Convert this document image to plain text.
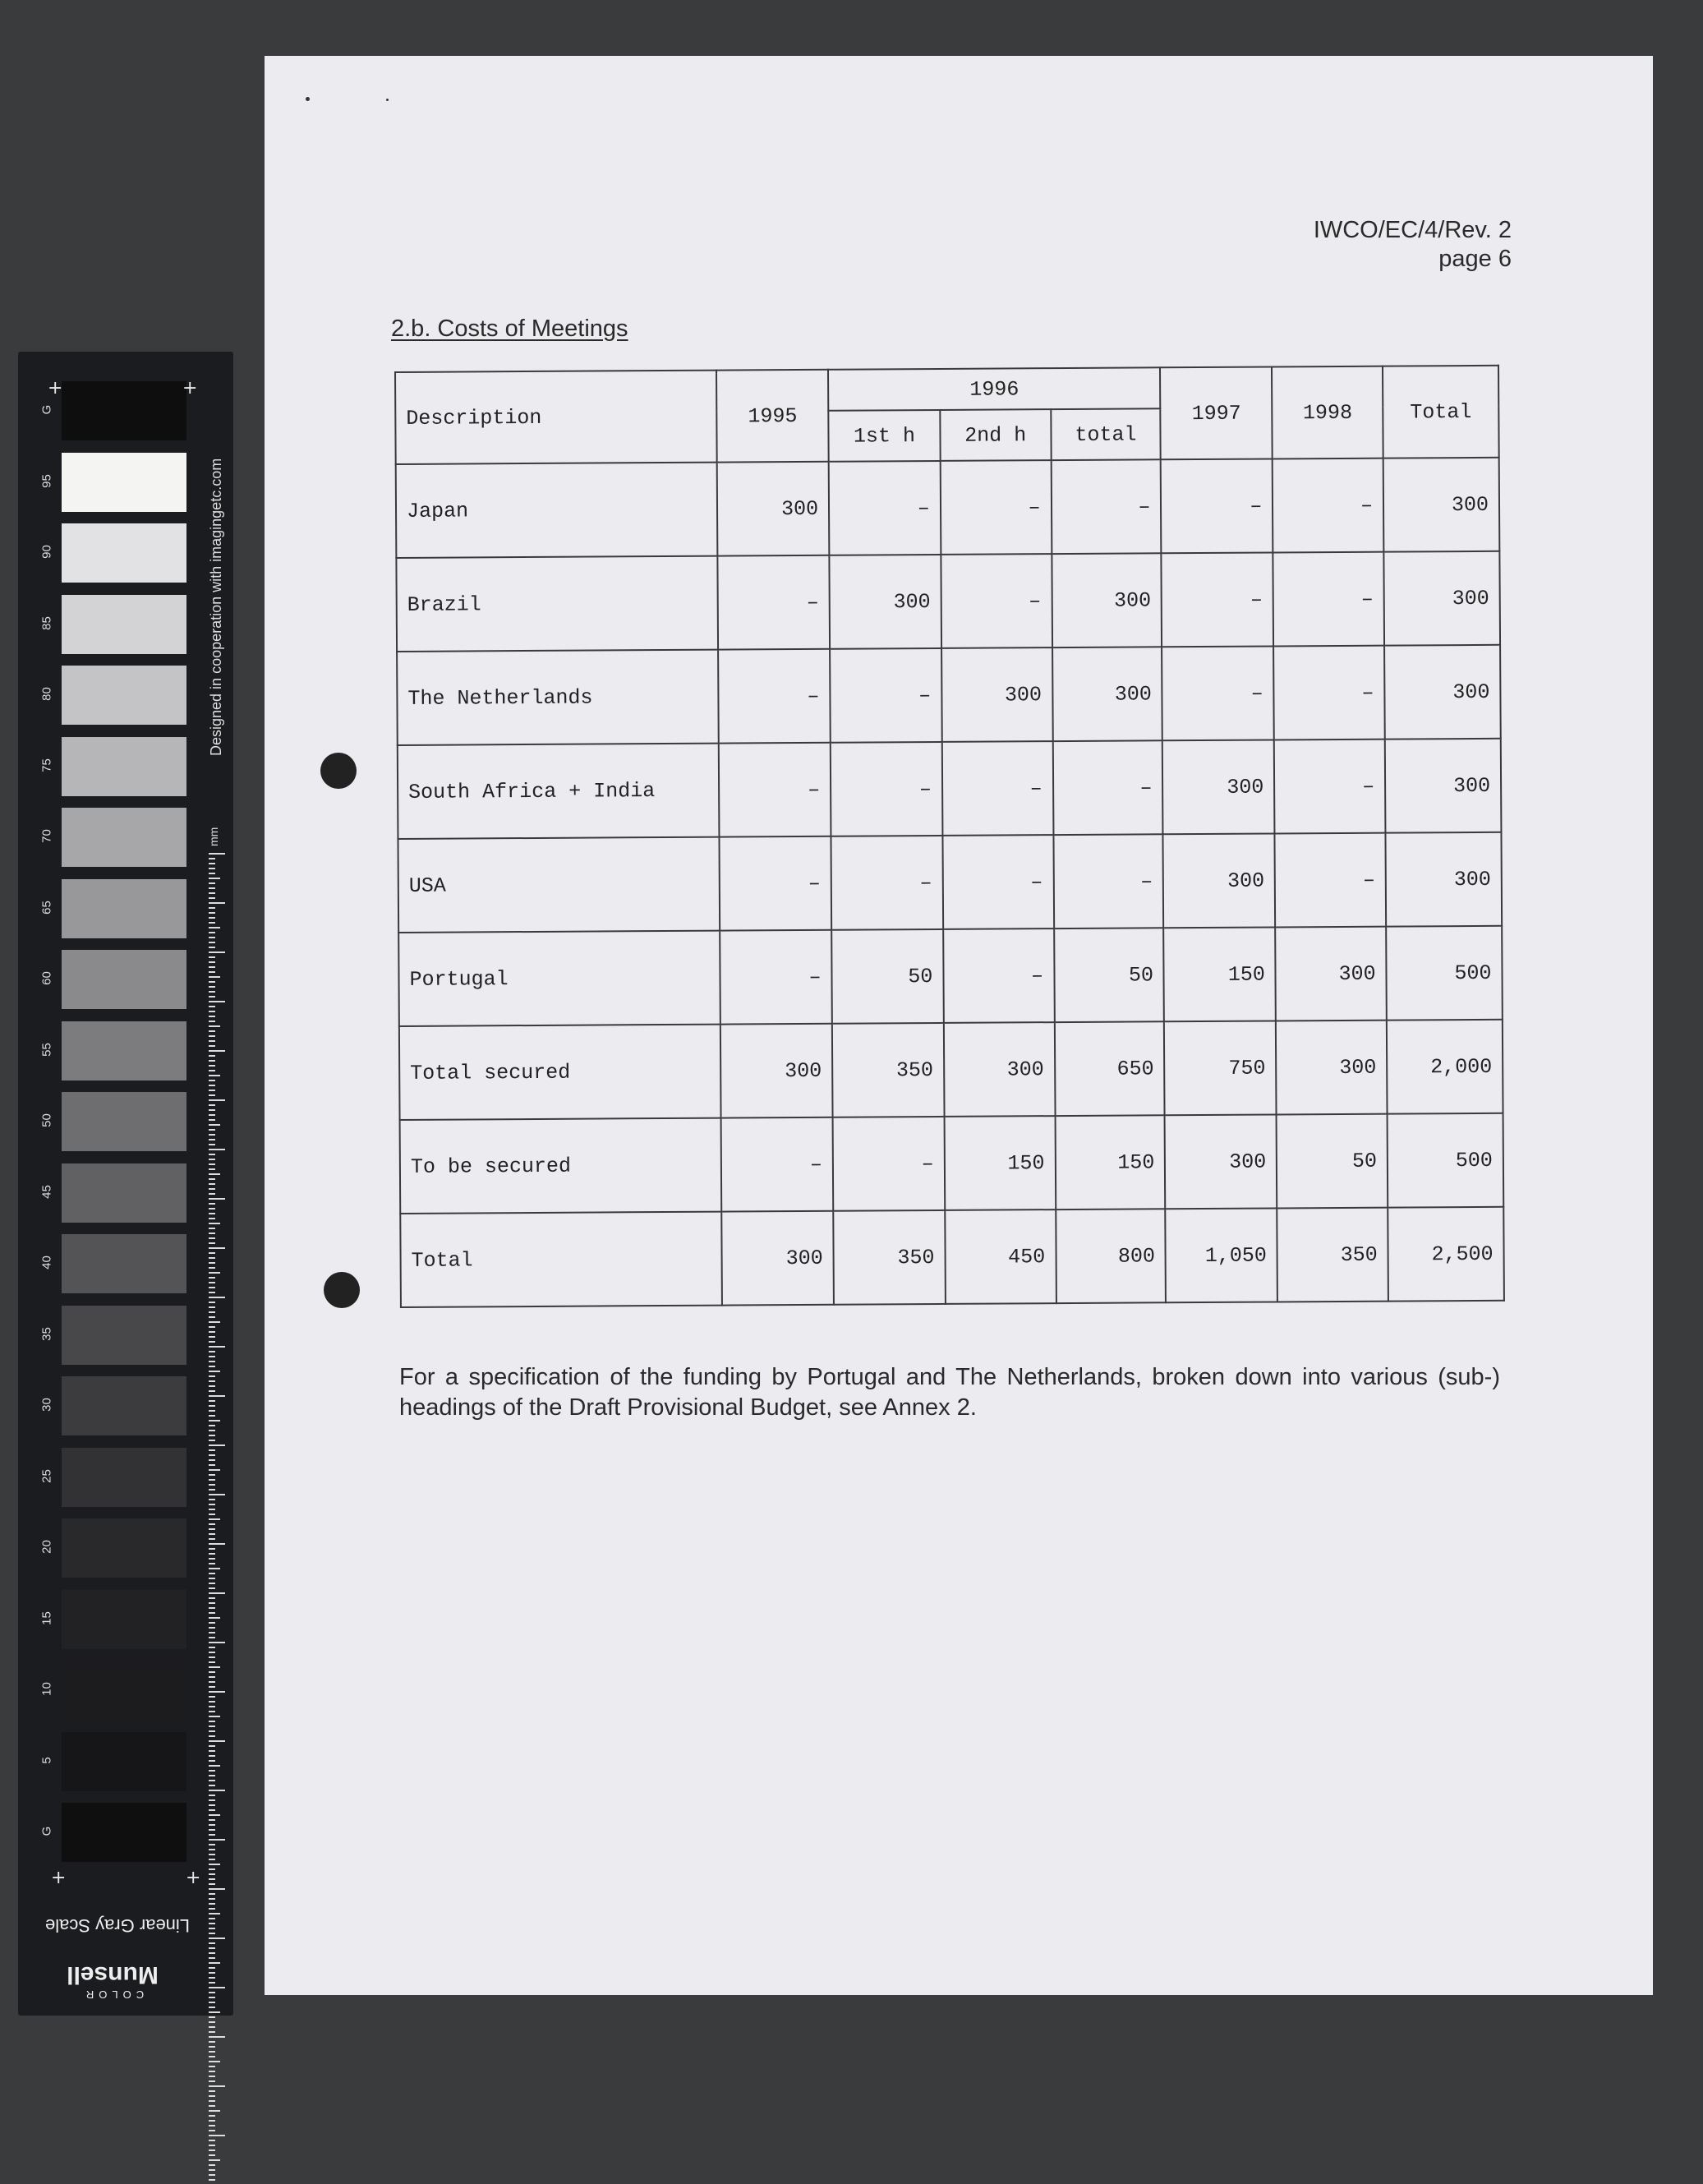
G
95
90
85
80
75
70
65
60
55
50
45
40
35
30
25
20
15
10
5
G
+	+
+	+
Designed in cooperation with imagingetc.com
mm
Linear Gray Scale
COLOR
Munsell
IWCO/EC/4/Rev. 2
page 6
2.b. Costs of Meetings
Description	1995	1996			1997	1998	Total
		1st h	2nd h	total			
Japan	300	–	–	–	–	–	300
Brazil	–	300	–	300	–	–	300
The Netherlands	–	–	300	300	–	–	300
South Africa + India	–	–	–	–	300	–	300
USA	–	–	–	–	300	–	300
Portugal	–	50	–	50	150	300	500
Total secured	300	350	300	650	750	300	2,000
To be secured	–	–	150	150	300	50	500
Total	300	350	450	800	1,050	350	2,500
For a specification of the funding by Portugal and The Netherlands, broken down into various (sub-) headings of the Draft Provisional Budget, see Annex 2.
